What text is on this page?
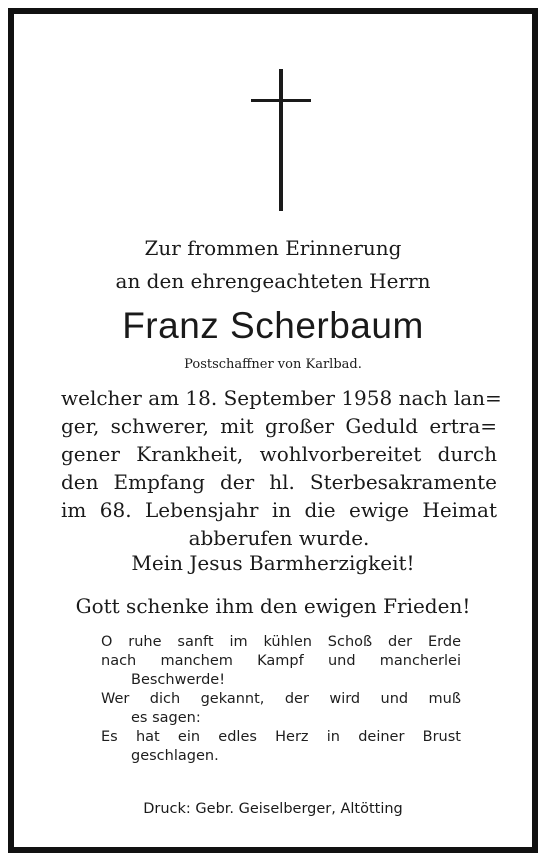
Zur frommen Erinnerung
an den ehrengeachteten Herrn
Franz Scherbaum
Postschaffner von Karlbad.
welcher am 18. September 1958 nach lan=
ger, schwerer, mit großer Geduld ertra=
gener Krankheit, wohlvorbereitet durch
den Empfang der hl. Sterbesakramente
im 68. Lebensjahr in die ewige Heimat
abberufen wurde.
Mein Jesus Barmherzigkeit!
Gott schenke ihm den ewigen Frieden!
O ruhe sanft im kühlen Schoß der Erde
nach manchem Kampf und mancherlei
Beschwerde!
Wer dich gekannt, der wird und muß
es sagen:
Es hat ein edles Herz in deiner Brust
geschlagen.
Druck: Gebr. Geiselberger, Altötting
